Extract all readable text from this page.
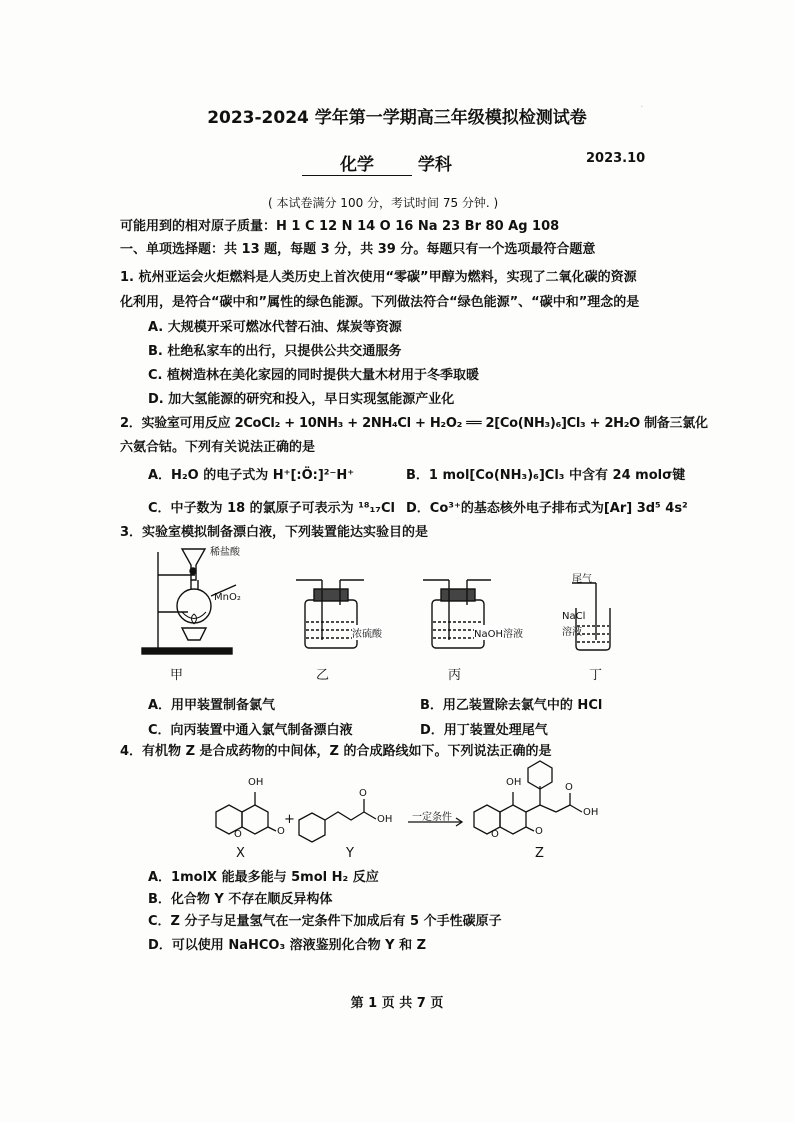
·
2023-2024 学年第一学期高三年级模拟检测试卷
化学	学科	2023.10
( 本试卷满分 100 分，考试时间 75 分钟. )
可能用到的相对原子质量：H 1 C 12 N 14 O 16 Na 23 Br 80 Ag 108
一、单项选择题：共 13 题，每题 3 分，共 39 分。每题只有一个选项最符合题意
1. 杭州亚运会火炬燃料是人类历史上首次使用“零碳”甲醇为燃料，实现了二氧化碳的资源
化利用，是符合“碳中和”属性的绿色能源。下列做法符合“绿色能源”、“碳中和”理念的是
A. 大规模开采可燃冰代替石油、煤炭等资源
B. 杜绝私家车的出行，只提供公共交通服务
C. 植树造林在美化家园的同时提供大量木材用于冬季取暖
D. 加大氢能源的研究和投入，早日实现氢能源产业化
2．实验室可用反应 2CoCl₂ + 10NH₃ + 2NH₄Cl + H₂O₂ ══ 2[Co(NH₃)₆]Cl₃ + 2H₂O 制备三氯化
六氨合钴。下列有关说法正确的是
A．H₂O 的电子式为 H⁺[:Ö:]²⁻H⁺	B．1 mol[Co(NH₃)₆]Cl₃ 中含有 24 molσ键
C．中子数为 18 的氯原子可表示为 ¹⁸₁₇Cl D．Co³⁺的基态核外电子排布式为[Ar] 3d⁵ 4s²
3．实验室模拟制备漂白液，下列装置能达实验目的是
稀盐酸
MnO₂
浓硫酸	NaOH溶液
尾气
NaCl
溶液
甲	乙	丙	丁
A．用甲装置制备氯气	B．用乙装置除去氯气中的 HCl
C．向丙装置中通入氯气制备漂白液	D．用丁装置处理尾气
4．有机物 Z 是合成药物的中间体，Z 的合成路线如下。下列说法正确的是
OH
O	O
+
O
OH 一定条件
OH
O	O
O
OH
X	Y	Z
A．1molX 能最多能与 5mol H₂ 反应
B．化合物 Y 不存在顺反异构体
C．Z 分子与足量氢气在一定条件下加成后有 5 个手性碳原子
D．可以使用 NaHCO₃ 溶液鉴别化合物 Y 和 Z
第 1 页 共 7 页
